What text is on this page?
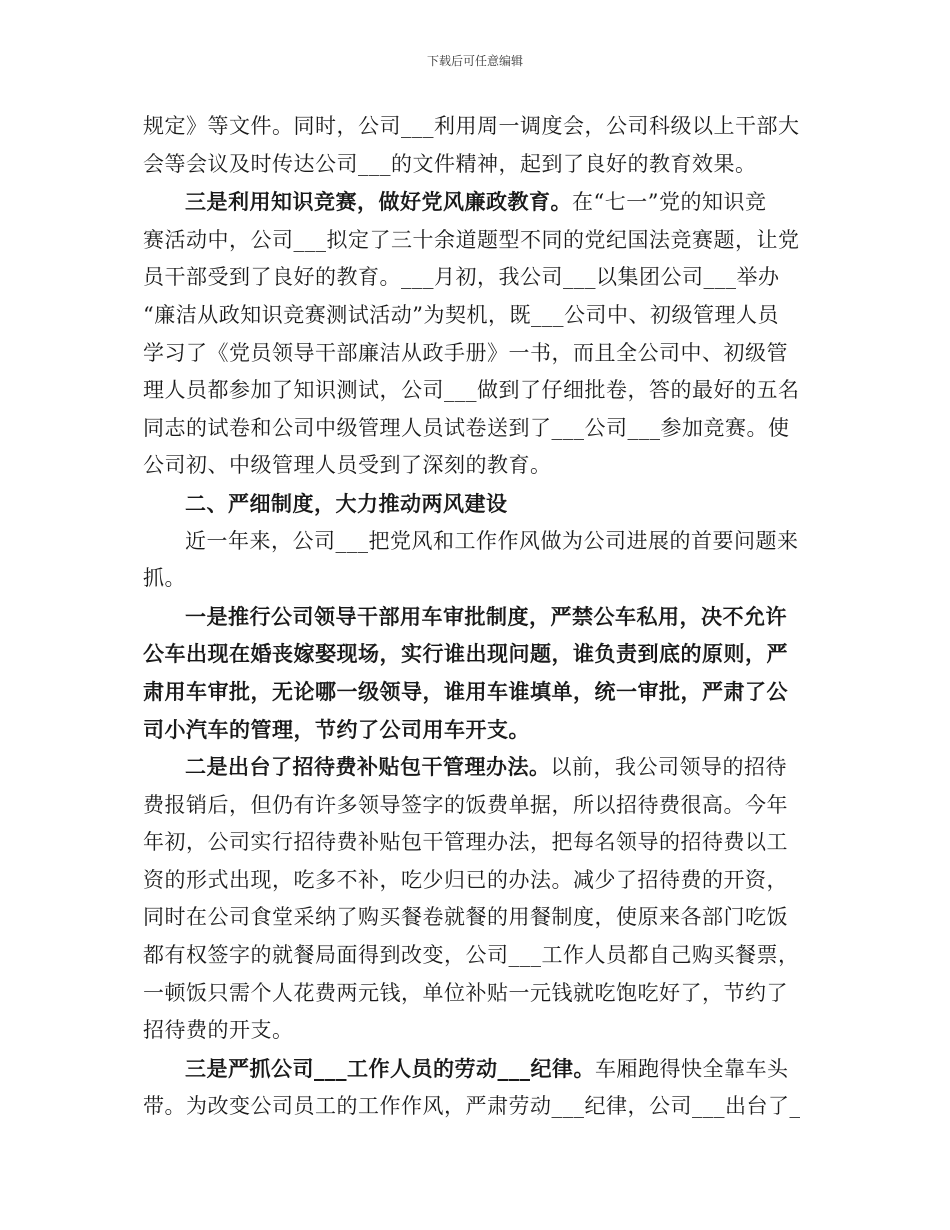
下载后可任意编辑

规定》等文件。同时，公司___利用周一调度会，公司科级以上干部大
会等会议及时传达公司___的文件精神，起到了良好的教育效果。

三是利用知识竞赛，做好党风廉政教育。在“七一”党的知识竞
赛活动中，公司___拟定了三十余道题型不同的党纪国法竞赛题，让党
员干部受到了良好的教育。___月初，我公司___以集团公司___举办
“廉洁从政知识竞赛测试活动”为契机，既___公司中、初级管理人员
学习了《党员领导干部廉洁从政手册》一书，而且全公司中、初级管
理人员都参加了知识测试，公司___做到了仔细批卷，答的最好的五名
同志的试卷和公司中级管理人员试卷送到了___公司___参加竞赛。使
公司初、中级管理人员受到了深刻的教育。

二、严细制度，大力推动两风建设

近一年来，公司___把党风和工作作风做为公司进展的首要问题来
抓。

一是推行公司领导干部用车审批制度，严禁公车私用，决不允许
公车出现在婚丧嫁娶现场，实行谁出现问题，谁负责到底的原则，严
肃用车审批，无论哪一级领导，谁用车谁填单，统一审批，严肃了公
司小汽车的管理，节约了公司用车开支。

二是出台了招待费补贴包干管理办法。以前，我公司领导的招待
费报销后，但仍有许多领导签字的饭费单据，所以招待费很高。今年
年初，公司实行招待费补贴包干管理办法，把每名领导的招待费以工
资的形式出现，吃多不补，吃少归已的办法。减少了招待费的开资，
同时在公司食堂采纳了购买餐卷就餐的用餐制度，使原来各部门吃饭
都有权签字的就餐局面得到改变，公司___工作人员都自己购买餐票，
一顿饭只需个人花费两元钱，单位补贴一元钱就吃饱吃好了，节约了
招待费的开支。

三是严抓公司___工作人员的劳动___纪律。车厢跑得快全靠车头
带。为改变公司员工的工作作风，严肃劳动___纪律，公司___出台了_
